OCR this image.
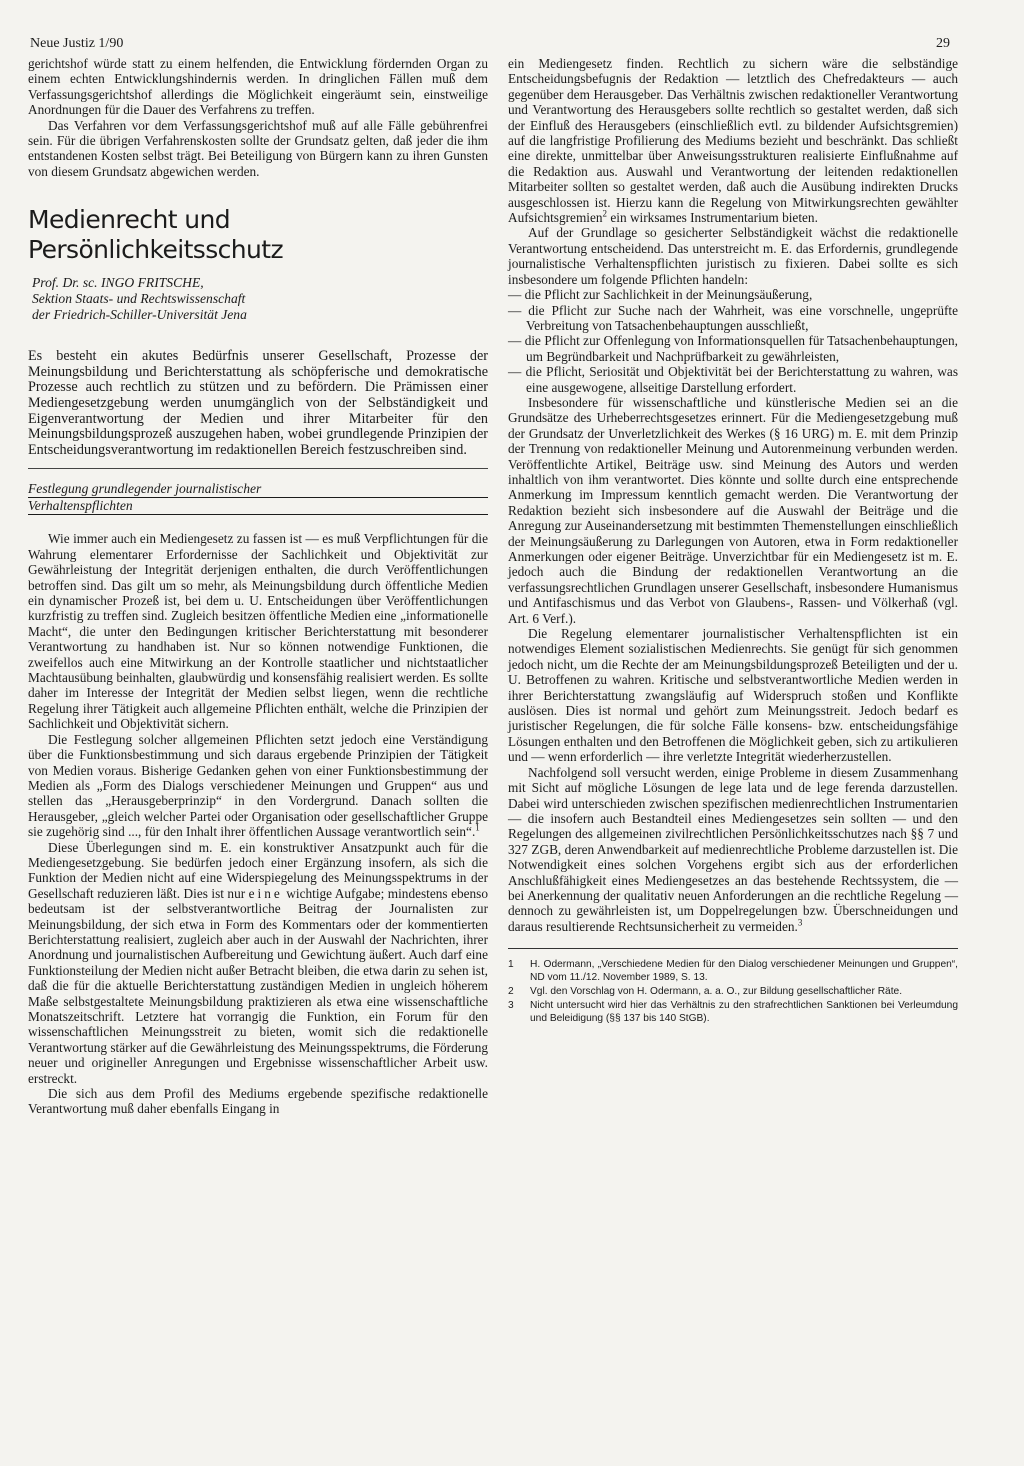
Neue Justiz 1/90	29

gerichtshof würde statt zu einem helfenden, die Entwicklung fördernden Organ zu einem echten Entwicklungshindernis werden. In dringlichen Fällen muß dem Verfassungsgerichtshof allerdings die Möglichkeit eingeräumt sein, einstweilige Anordnungen für die Dauer des Verfahrens zu treffen.

Das Verfahren vor dem Verfassungsgerichtshof muß auf alle Fälle gebührenfrei sein. Für die übrigen Verfahrenskosten sollte der Grundsatz gelten, daß jeder die ihm entstandenen Kosten selbst trägt. Bei Beteiligung von Bürgern kann zu ihren Gunsten von diesem Grundsatz abgewichen werden.

Medienrecht und Persönlichkeitsschutz
Prof. Dr. sc. INGO FRITSCHE,
Sektion Staats- und Rechtswissenschaft
der Friedrich-Schiller-Universität Jena

Es besteht ein akutes Bedürfnis unserer Gesellschaft, Prozesse der Meinungsbildung und Berichterstattung als schöpferische und demokratische Prozesse auch rechtlich zu stützen und zu befördern. Die Prämissen einer Mediengesetzgebung werden unumgänglich von der Selbständigkeit und Eigenverantwortung der Medien und ihrer Mitarbeiter für den Meinungsbildungsprozeß auszugehen haben, wobei grundlegende Prinzipien der Entscheidungsverantwortung im redaktionellen Bereich festzuschreiben sind.

Festlegung grundlegender journalistischer
Verhaltenspflichten

Wie immer auch ein Mediengesetz zu fassen ist — es muß Verpflichtungen für die Wahrung elementarer Erfordernisse der Sachlichkeit und Objektivität zur Gewährleistung der Integrität derjenigen enthalten, die durch Veröffentlichungen betroffen sind. Das gilt um so mehr, als Meinungsbildung durch öffentliche Medien ein dynamischer Prozeß ist, bei dem u. U. Entscheidungen über Veröffentlichungen kurzfristig zu treffen sind. Zugleich besitzen öffentliche Medien eine „informationelle Macht“, die unter den Bedingungen kritischer Berichterstattung mit besonderer Verantwortung zu handhaben ist. Nur so können notwendige Funktionen, die zweifellos auch eine Mitwirkung an der Kontrolle staatlicher und nichtstaatlicher Machtausübung beinhalten, glaubwürdig und konsensfähig realisiert werden. Es sollte daher im Interesse der Integrität der Medien selbst liegen, wenn die rechtliche Regelung ihrer Tätigkeit auch allgemeine Pflichten enthält, welche die Prinzipien der Sachlichkeit und Objektivität sichern.

Die Festlegung solcher allgemeinen Pflichten setzt jedoch eine Verständigung über die Funktionsbestimmung und sich daraus ergebende Prinzipien der Tätigkeit von Medien voraus. Bisherige Gedanken gehen von einer Funktionsbestimmung der Medien als „Form des Dialogs verschiedener Meinungen und Gruppen“ aus und stellen das „Herausgeberprinzip“ in den Vordergrund. Danach sollten die Herausgeber, „gleich welcher Partei oder Organisation oder gesellschaftlicher Gruppe sie zugehörig sind ..., für den Inhalt ihrer öffentlichen Aussage verantwortlich sein“.$^1$

Diese Überlegungen sind m. E. ein konstruktiver Ansatzpunkt auch für die Mediengesetzgebung. Sie bedürfen jedoch einer Ergänzung insofern, als sich die Funktion der Medien nicht auf eine Widerspiegelung des Meinungsspektrums in der Gesellschaft reduzieren läßt. Dies ist nur eine wichtige Aufgabe; mindestens ebenso bedeutsam ist der selbstverantwortliche Beitrag der Journalisten zur Meinungsbildung, der sich etwa in Form des Kommentars oder der kommentierten Berichterstattung realisiert, zugleich aber auch in der Auswahl der Nachrichten, ihrer Anordnung und journalistischen Aufbereitung und Gewichtung äußert. Auch darf eine Funktionsteilung der Medien nicht außer Betracht bleiben, die etwa darin zu sehen ist, daß die für die aktuelle Berichterstattung zuständigen Medien in ungleich höherem Maße selbstgestaltete Meinungsbildung praktizieren als etwa eine wissenschaftliche Monatszeitschrift. Letztere hat vorrangig die Funktion, ein Forum für den wissenschaftlichen Meinungsstreit zu bieten, womit sich die redaktionelle Verantwortung stärker auf die Gewährleistung des Meinungsspektrums, die Förderung neuer und origineller Anregungen und Ergebnisse wissenschaftlicher Arbeit usw. erstreckt.

Die sich aus dem Profil des Mediums ergebende spezifische redaktionelle Verantwortung muß daher ebenfalls Eingang in

ein Mediengesetz finden. Rechtlich zu sichern wäre die selbständige Entscheidungsbefugnis der Redaktion — letztlich des Chefredakteurs — auch gegenüber dem Herausgeber. Das Verhältnis zwischen redaktioneller Verantwortung und Verantwortung des Herausgebers sollte rechtlich so gestaltet werden, daß sich der Einfluß des Herausgebers (einschließlich evtl. zu bildender Aufsichtsgremien) auf die langfristige Profilierung des Mediums bezieht und beschränkt. Das schließt eine direkte, unmittelbar über Anweisungsstrukturen realisierte Einflußnahme auf die Redaktion aus. Auswahl und Verantwortung der leitenden redaktionellen Mitarbeiter sollten so gestaltet werden, daß auch die Ausübung indirekten Drucks ausgeschlossen ist. Hierzu kann die Regelung von Mitwirkungsrechten gewählter Aufsichtsgremien$^2$ ein wirksames Instrumentarium bieten.

Auf der Grundlage so gesicherter Selbständigkeit wächst die redaktionelle Verantwortung entscheidend. Das unterstreicht m. E. das Erfordernis, grundlegende journalistische Verhaltenspflichten juristisch zu fixieren. Dabei sollte es sich insbesondere um folgende Pflichten handeln:

— die Pflicht zur Sachlichkeit in der Meinungsäußerung,
— die Pflicht zur Suche nach der Wahrheit, was eine vorschnelle, ungeprüfte Verbreitung von Tatsachenbehauptungen ausschließt,
— die Pflicht zur Offenlegung von Informationsquellen für Tatsachenbehauptungen, um Begründbarkeit und Nachprüfbarkeit zu gewährleisten,
— die Pflicht, Seriosität und Objektivität bei der Berichterstattung zu wahren, was eine ausgewogene, allseitige Darstellung erfordert.

Insbesondere für wissenschaftliche und künstlerische Medien sei an die Grundsätze des Urheberrechtsgesetzes erinnert. Für die Mediengesetzgebung muß der Grundsatz der Unverletzlichkeit des Werkes (§ 16 URG) m. E. mit dem Prinzip der Trennung von redaktioneller Meinung und Autorenmeinung verbunden werden. Veröffentlichte Artikel, Beiträge usw. sind Meinung des Autors und werden inhaltlich von ihm verantwortet. Dies könnte und sollte durch eine entsprechende Anmerkung im Impressum kenntlich gemacht werden. Die Verantwortung der Redaktion bezieht sich insbesondere auf die Auswahl der Beiträge und die Anregung zur Auseinandersetzung mit bestimmten Themenstellungen einschließlich der Meinungsäußerung zu Darlegungen von Autoren, etwa in Form redaktioneller Anmerkungen oder eigener Beiträge. Unverzichtbar für ein Mediengesetz ist m. E. jedoch auch die Bindung der redaktionellen Verantwortung an die verfassungsrechtlichen Grundlagen unserer Gesellschaft, insbesondere Humanismus und Antifaschismus und das Verbot von Glaubens-, Rassen- und Völkerhaß (vgl. Art. 6 Verf.).

Die Regelung elementarer journalistischer Verhaltenspflichten ist ein notwendiges Element sozialistischen Medienrechts. Sie genügt für sich genommen jedoch nicht, um die Rechte der am Meinungsbildungsprozeß Beteiligten und der u. U. Betroffenen zu wahren. Kritische und selbstverantwortliche Medien werden in ihrer Berichterstattung zwangsläufig auf Widerspruch stoßen und Konflikte auslösen. Dies ist normal und gehört zum Meinungsstreit. Jedoch bedarf es juristischer Regelungen, die für solche Fälle konsens- bzw. entscheidungsfähige Lösungen enthalten und den Betroffenen die Möglichkeit geben, sich zu artikulieren und — wenn erforderlich — ihre verletzte Integrität wiederherzustellen.

Nachfolgend soll versucht werden, einige Probleme in diesem Zusammenhang mit Sicht auf mögliche Lösungen de lege lata und de lege ferenda darzustellen. Dabei wird unterschieden zwischen spezifischen medienrechtlichen Instrumentarien — die insofern auch Bestandteil eines Mediengesetzes sein sollten — und den Regelungen des allgemeinen zivilrechtlichen Persönlichkeitsschutzes nach §§ 7 und 327 ZGB, deren Anwendbarkeit auf medienrechtliche Probleme darzustellen ist. Die Notwendigkeit eines solchen Vorgehens ergibt sich aus der erforderlichen Anschlußfähigkeit eines Mediengesetzes an das bestehende Rechtssystem, die — bei Anerkennung der qualitativ neuen Anforderungen an die rechtliche Regelung — dennoch zu gewährleisten ist, um Doppelregelungen bzw. Überschneidungen und daraus resultierende Rechtsunsicherheit zu vermeiden.$^3$

1	H. Odermann, „Verschiedene Medien für den Dialog verschiedener Meinungen und Gruppen“, ND vom 11./12. November 1989, S. 13.
2	Vgl. den Vorschlag von H. Odermann, a. a. O., zur Bildung gesellschaftlicher Räte.
3	Nicht untersucht wird hier das Verhältnis zu den strafrechtlichen Sanktionen bei Verleumdung und Beleidigung (§§ 137 bis 140 StGB).
